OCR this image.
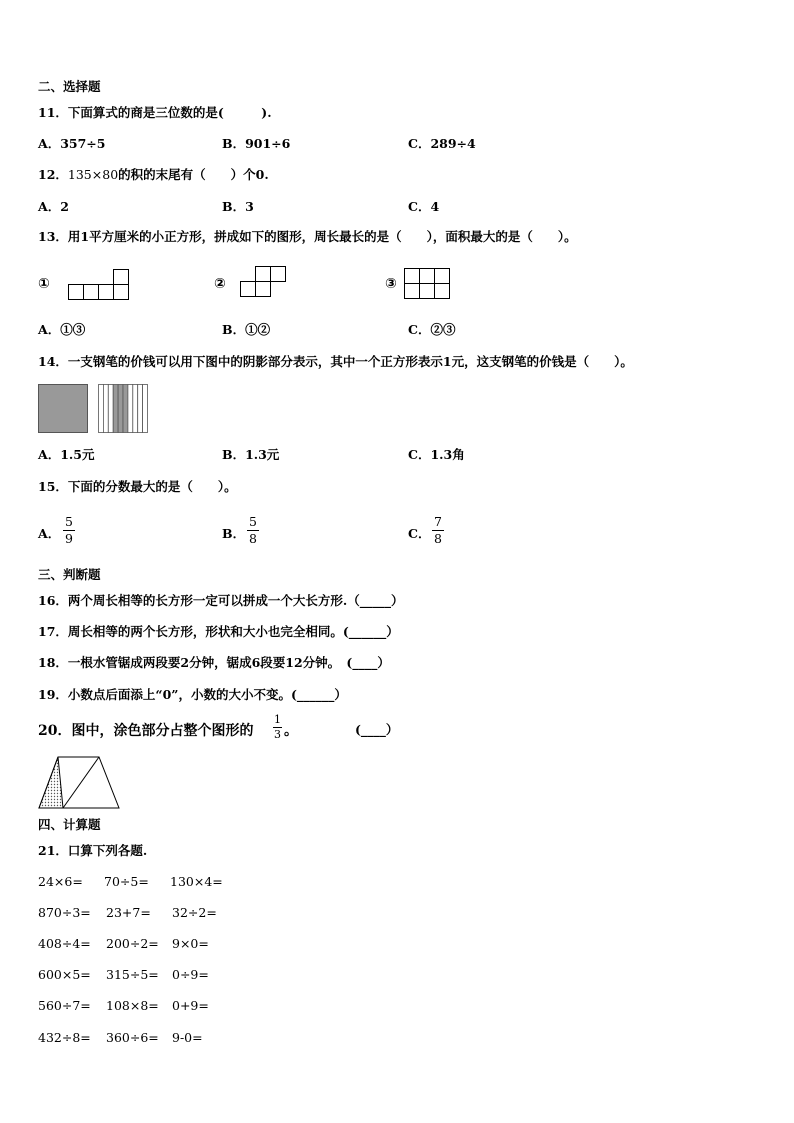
二、选择题
11．下面算式的商是三位数的是(　　　).
A．357÷5	B．901÷6	C．289÷4
12．135×80的积的末尾有（　　）个0.
A．2	B．3	C．4
13．用1平方厘米的小正方形，拼成如下的图形，周长最长的是（　　），面积最大的是（　　）。
①	②	③
A．①③	B．①②	C．②③
14．一支钢笔的价钱可以用下图中的阴影部分表示，其中一个正方形表示1元，这支钢笔的价钱是（　　）。
A．1.5元	B．1.3元	C．1.3角
15．下面的分数最大的是（　　）。
A．
5
9	B．
5
8	C．
7
8
三、判断题
16．两个周长相等的长方形一定可以拼成一个大长方形.（_____）
17．周长相等的两个长方形，形状和大小也完全相同。(______）
18．一根水管锯成两段要2分钟，锯成6段要12分钟。　(____）
19．小数点后面添上“0”，小数的大小不变。(______）
20．图中，涂色部分占整个图形的
1
3 。	(____）
四、计算题
21．口算下列各题.
24×6= 70÷5= 130×4=
870÷3= 23+7= 32÷2=
408÷4= 200÷2= 9×0=
600×5= 315÷5= 0÷9=
560÷7= 108×8= 0+9=
432÷8= 360÷6= 9-0=
